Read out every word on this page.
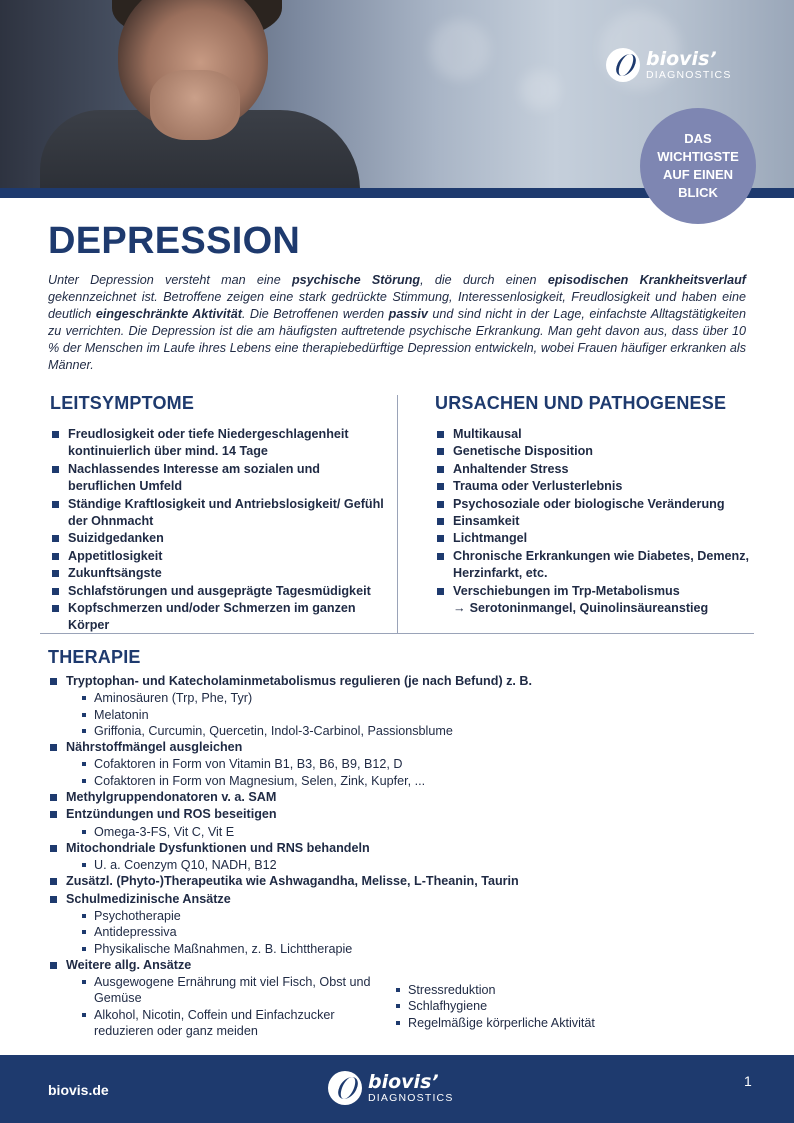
biovis’
DIAGNOSTICS
DAS WICHTIGSTE AUF EINEN BLICK
DEPRESSION

Unter Depression versteht man eine psychische Störung, die durch einen episodischen Krankheitsverlauf gekennzeichnet ist. Betroffene zeigen eine stark gedrückte Stimmung, Interessenlosigkeit, Freudlosigkeit und haben eine deutlich eingeschränkte Aktivität. Die Betroffenen werden passiv und sind nicht in der Lage, einfachste Alltagstätigkeiten zu verrichten. Die Depression ist die am häufigsten auftretende psychische Erkrankung. Man geht davon aus, dass über 10 % der Menschen im Laufe ihres Lebens eine therapiebedürftige Depression entwickeln, wobei Frauen häufiger erkranken als Männer.

LEITSYMPTOME
Freudlosigkeit oder tiefe Niedergeschlagenheit kontinuierlich über mind. 14 Tage
Nachlassendes Interesse am sozialen und beruflichen Umfeld
Ständige Kraftlosigkeit und Antriebslosigkeit/ Gefühl der Ohnmacht
Suizidgedanken
Appetitlosigkeit
Zukunftsängste
Schlafstörungen und ausgeprägte Tagesmüdigkeit
Kopfschmerzen und/oder Schmerzen im ganzen Körper
URSACHEN UND PATHOGENESE
Multikausal
Genetische Disposition
Anhaltender Stress
Trauma oder Verlusterlebnis
Psychosoziale oder biologische Veränderung
Einsamkeit
Lichtmangel
Chronische Erkrankungen wie Diabetes, Demenz, Herzinfarkt, etc.
Verschiebungen im Trp-Metabolismus
→ Serotoninmangel, Quinolinsäureanstieg
THERAPIE
Tryptophan- und Katecholaminmetabolismus regulieren (je nach Befund) z. B.
Aminosäuren (Trp, Phe, Tyr)
Melatonin
Griffonia, Curcumin, Quercetin, Indol-3-Carbinol, Passionsblume
Nährstoffmängel ausgleichen
Cofaktoren in Form von Vitamin B1, B3, B6, B9, B12, D
Cofaktoren in Form von Magnesium, Selen, Zink, Kupfer, ...
Methylgruppendonatoren v. a. SAM
Entzündungen und ROS beseitigen
Omega-3-FS, Vit C, Vit E
Mitochondriale Dysfunktionen und RNS behandeln
U. a. Coenzym Q10, NADH, B12
Zusätzl. (Phyto-)Therapeutika wie Ashwagandha, Melisse, L-Theanin, Taurin
Schulmedizinische Ansätze
Psychotherapie
Antidepressiva
Physikalische Maßnahmen, z. B. Lichttherapie
Weitere allg. Ansätze
Ausgewogene Ernährung mit viel Fisch, Obst und Gemüse
Alkohol, Nicotin, Coffein und Einfachzucker reduzieren oder ganz meiden
Stressreduktion
Schlafhygiene
Regelmäßige körperliche Aktivität
biovis.de	biovis’
DIAGNOSTICS
1
